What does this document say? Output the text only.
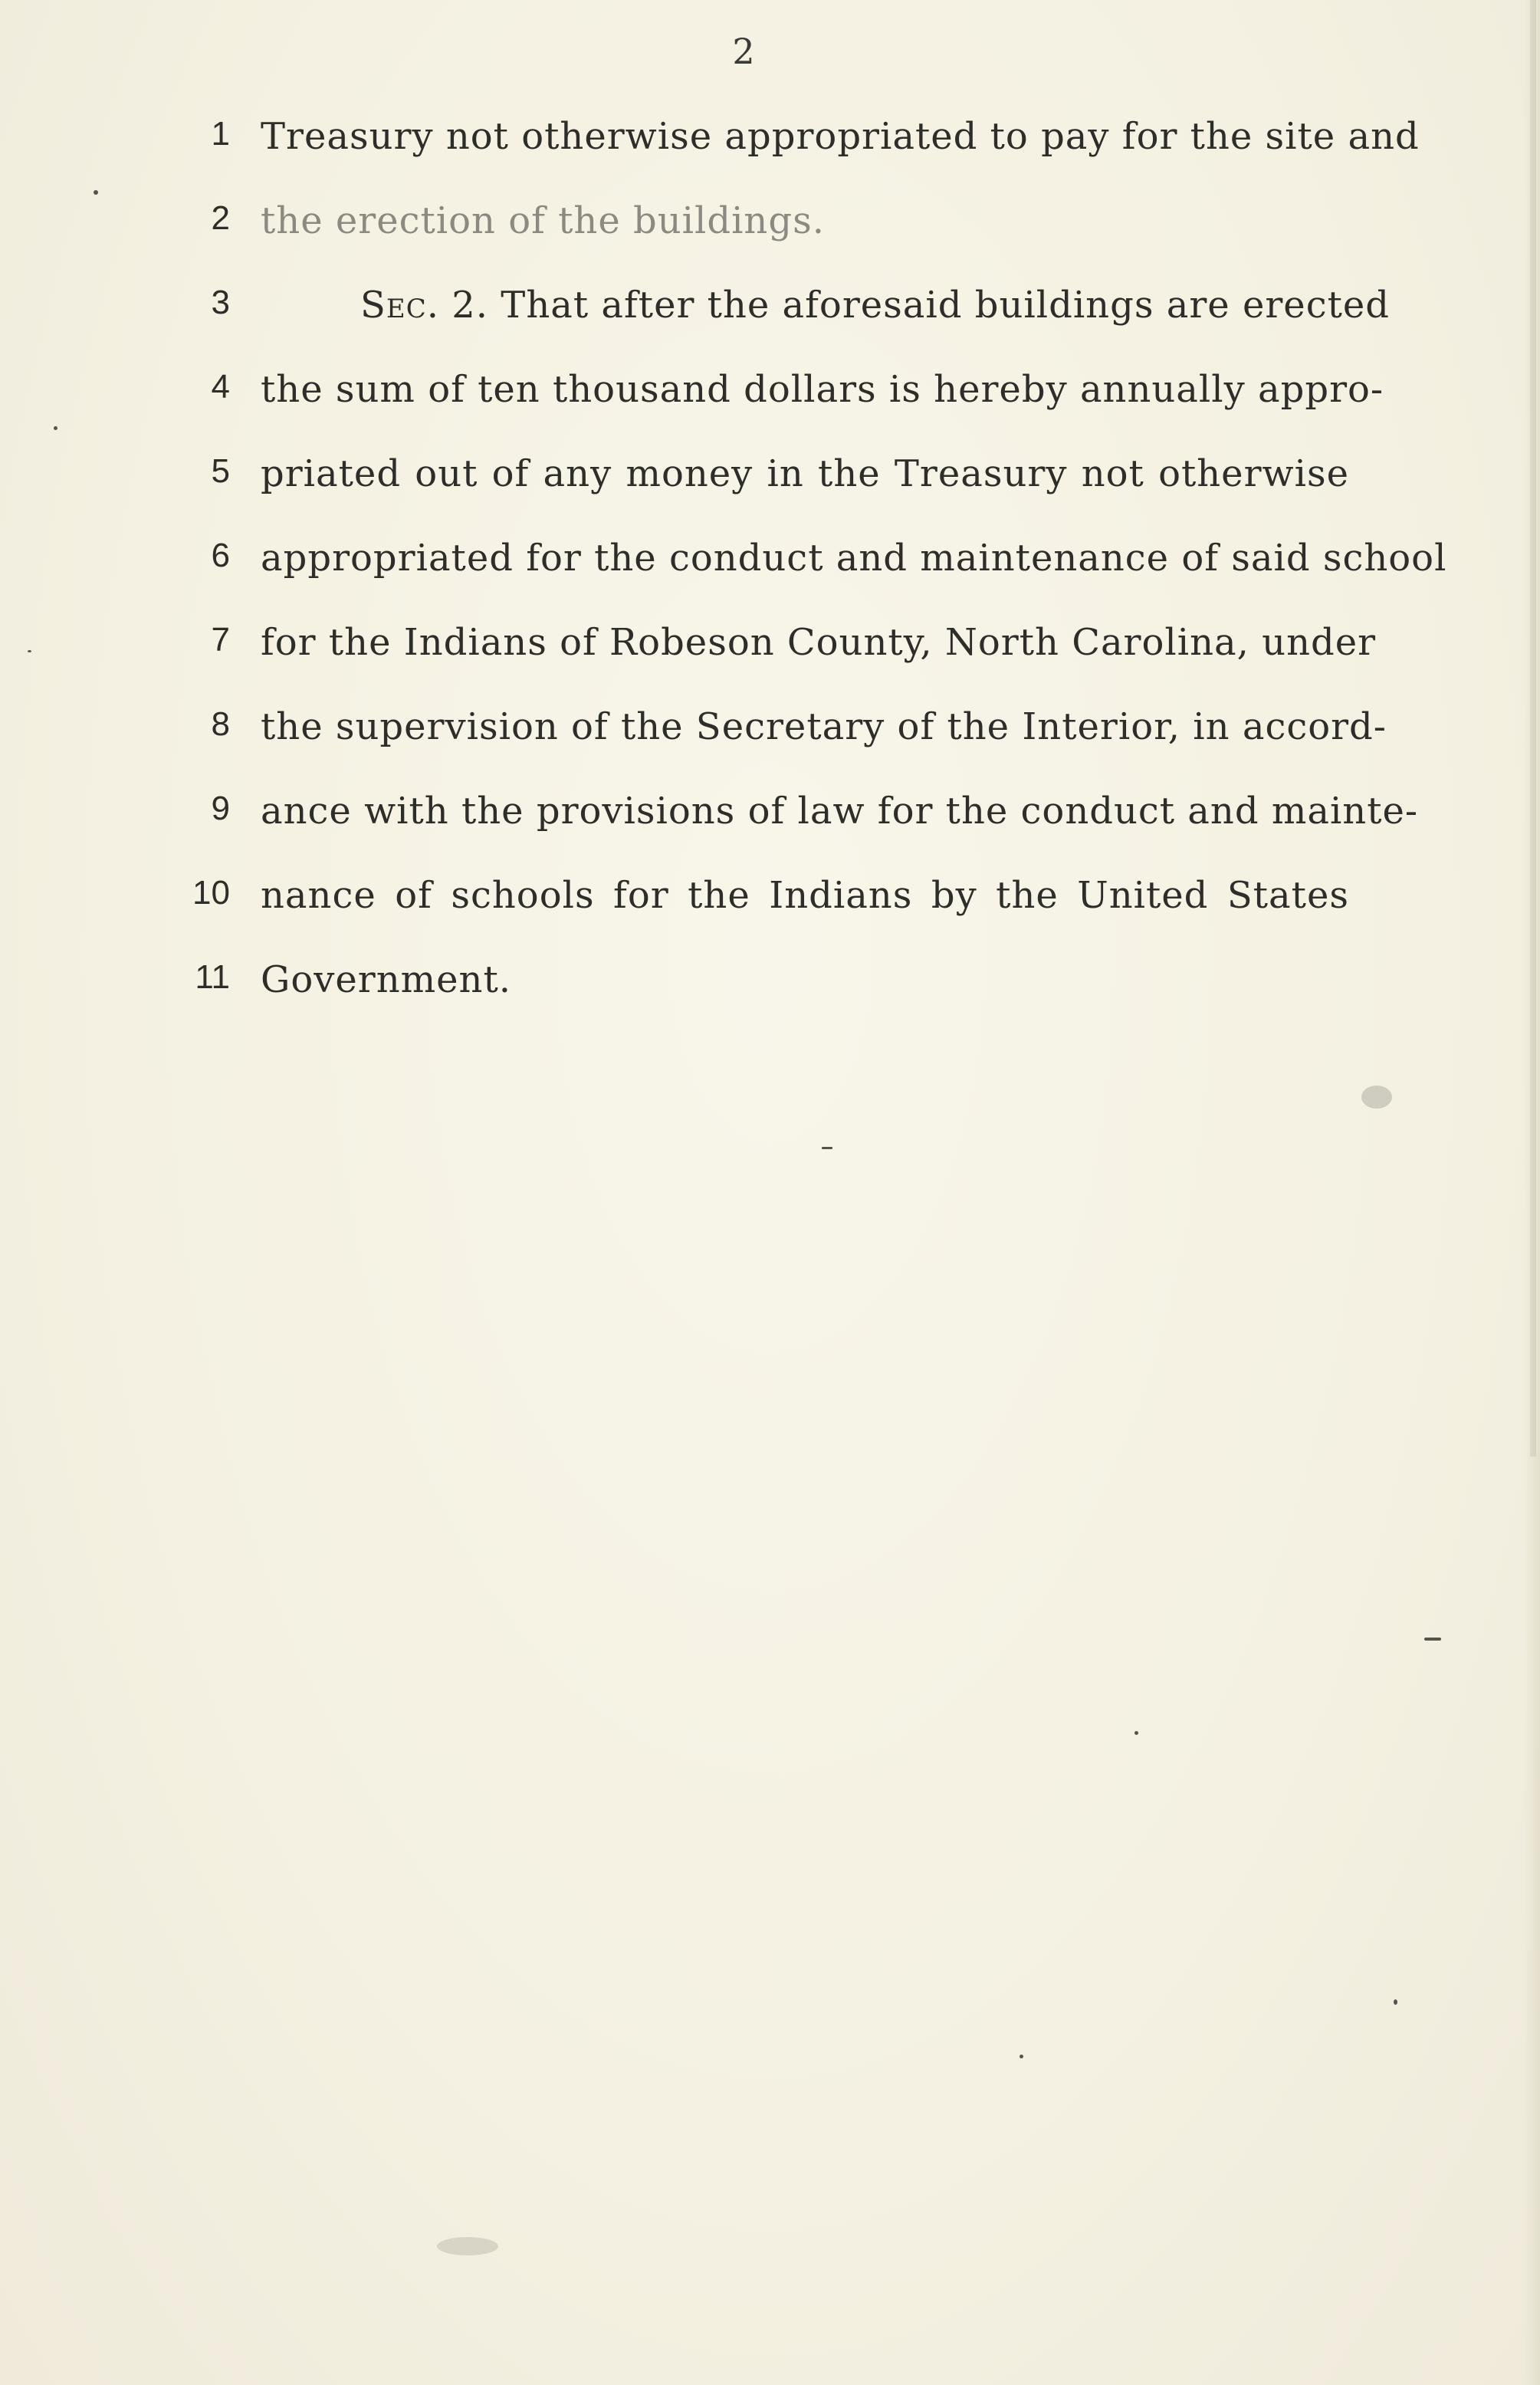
2
1 Treasury not otherwise appropriated to pay for the site and
2 the erection of the buildings.
3	Sec. 2. That after the aforesaid buildings are erected
4 the sum of ten thousand dollars is hereby annually appro-
5 priated out of any money in the Treasury not otherwise
6 appropriated for the conduct and maintenance of said school
7 for the Indians of Robeson County, North Carolina, under
8 the supervision of the Secretary of the Interior, in accord-
9 ance with the provisions of law for the conduct and mainte-
10 nance of schools for the Indians by the United States
11 Government.
